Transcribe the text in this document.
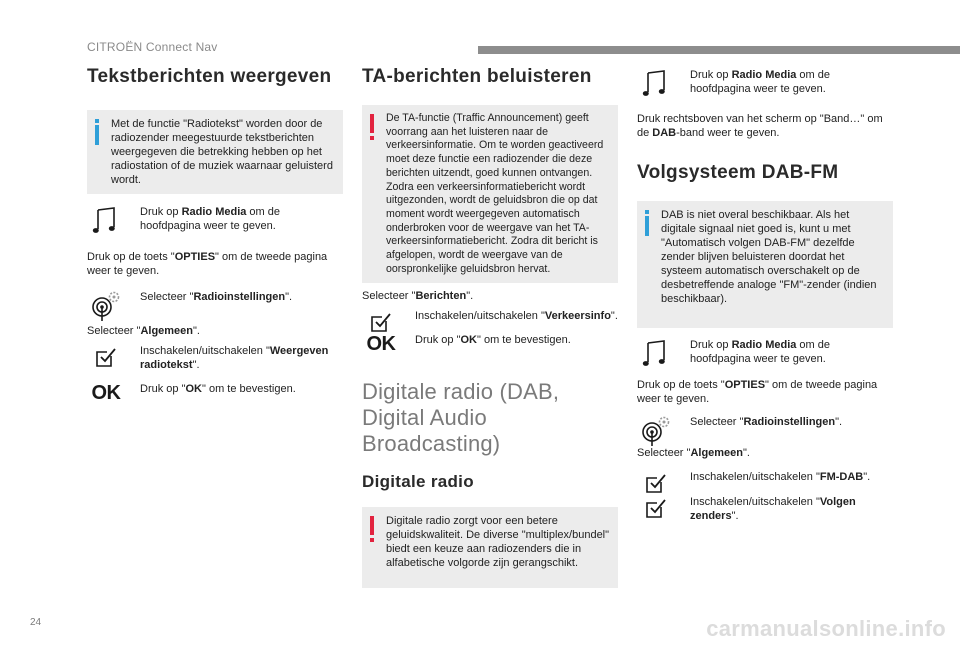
CITROËN Connect Nav
Tekstberichten weergeven
Met de functie "Radiotekst" worden door de radiozender meegestuurde tekstberichten weergegeven die betrekking hebben op het radiostation of de muziek waarnaar geluisterd wordt.
Druk op Radio Media om de hoofdpagina weer te geven.
Druk op de toets "OPTIES" om de tweede pagina weer te geven.
Selecteer "Radioinstellingen".
Selecteer "Algemeen".
Inschakelen/uitschakelen "Weergeven radiotekst".
OK	Druk op "OK" om te bevestigen.
TA-berichten beluisteren
De TA-functie (Traffic Announcement) geeft voorrang aan het luisteren naar de verkeersinformatie. Om te worden geactiveerd moet deze functie een radiozender die deze berichten uitzendt, goed kunnen ontvangen. Zodra een verkeersinformatiebericht wordt uitgezonden, wordt de geluidsbron die op dat moment wordt weergegeven automatisch onderbroken voor de weergave van het TA-verkeersinformatiebericht. Zodra dit bericht is afgelopen, wordt de weergave van de oorspronkelijke geluidsbron hervat.
Selecteer "Berichten".
Inschakelen/uitschakelen "Verkeersinfo".
OK	Druk op "OK" om te bevestigen.
Digitale radio (DAB, Digital Audio Broadcasting)
Digitale radio
Digitale radio zorgt voor een betere geluidskwaliteit. De diverse "multiplex/bundel" biedt een keuze aan radiozenders die in alfabetische volgorde zijn gerangschikt.
Druk op Radio Media om de hoofdpagina weer te geven.
Druk rechtsboven van het scherm op "Band…" om de DAB-band weer te geven.
Volgsysteem DAB-FM
DAB is niet overal beschikbaar. Als het digitale signaal niet goed is, kunt u met "Automatisch volgen DAB-FM" dezelfde zender blijven beluisteren doordat het systeem automatisch overschakelt op de desbetreffende analoge "FM"-zender (indien beschikbaar).
Druk op Radio Media om de hoofdpagina weer te geven.
Druk op de toets "OPTIES" om de tweede pagina weer te geven.
Selecteer "Radioinstellingen".
Selecteer "Algemeen".
Inschakelen/uitschakelen "FM-DAB".
Inschakelen/uitschakelen "Volgen zenders".
24	carmanualsonline.info
